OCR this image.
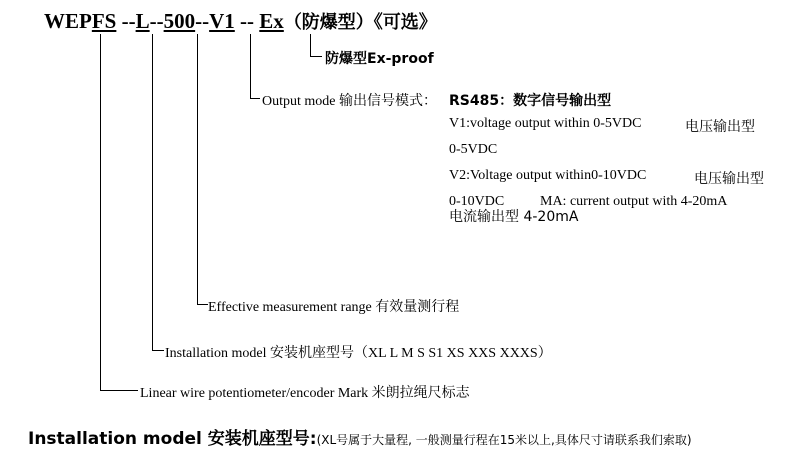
WEPFS --L--500--V1 -- Ex（防爆型）《可选》
防爆型Ex-proof
Output mode 输出信号模式： RS485：数字信号输出型
V1:voltage output within 0-5VDC	电压输出型
0-5VDC
V2:Voltage output within0-10VDC	电压输出型
0-10VDC	MA: current output with 4-20mA
电流输出型 4-20mA
Effective measurement range 有效量测行程
Installation model 安装机座型号（XL L M S S1 XS XXS XXXS）
Linear wire potentiometer/encoder Mark 米朗拉绳尺标志
Installation model 安装机座型号:(XL号属于大量程, 一般测量行程在15米以上,具体尺寸请联系我们索取)
